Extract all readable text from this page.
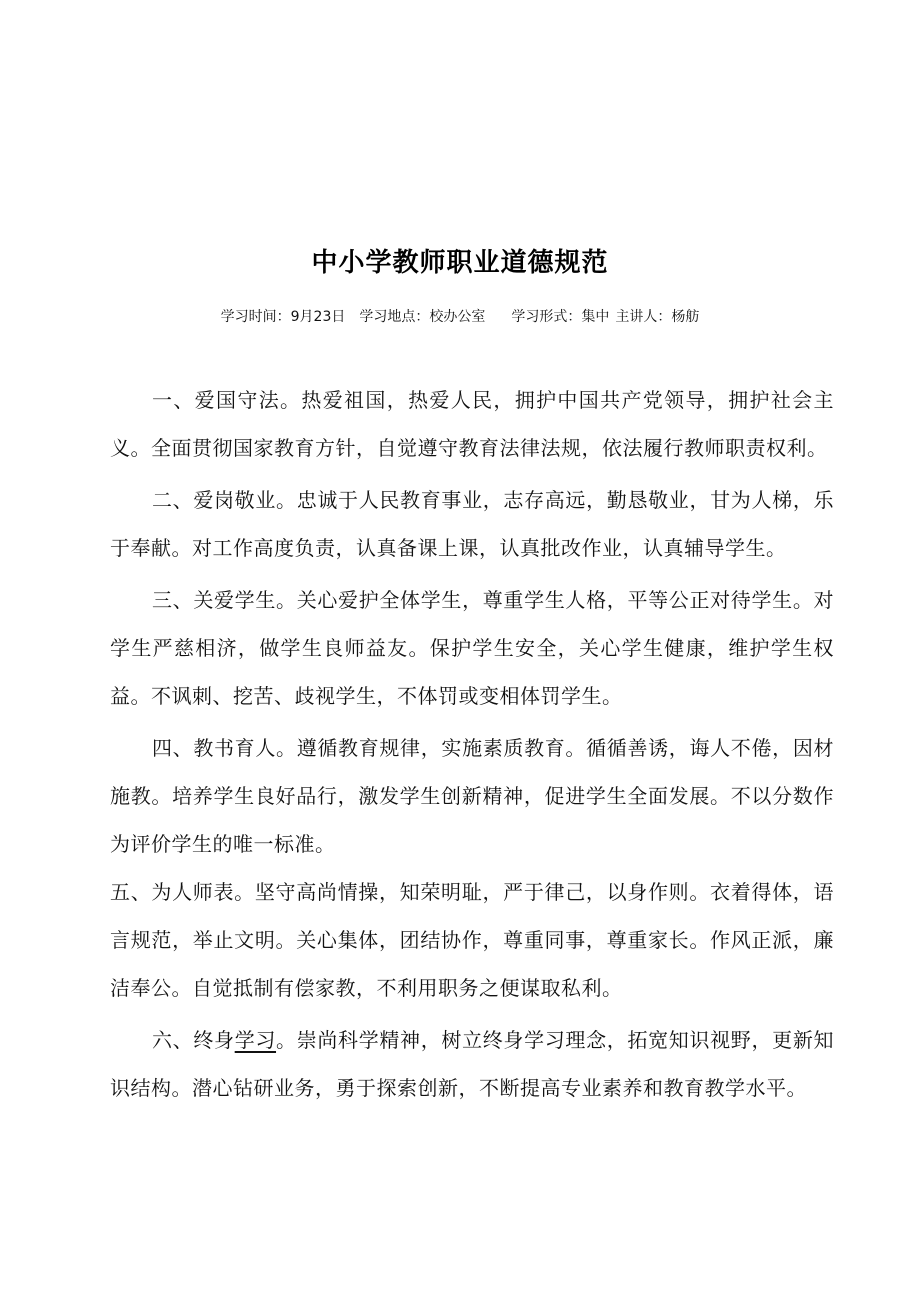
中小学教师职业道德规范
学习时间：9月23日 学习地点：校办公室 学习形式：集中 主讲人：杨舫

一、爱国守法。热爱祖国，热爱人民，拥护中国共产党领导，拥护社会主义。全面贯彻国家教育方针，自觉遵守教育法律法规，依法履行教师职责权利。

二、爱岗敬业。忠诚于人民教育事业，志存高远，勤恳敬业，甘为人梯，乐于奉献。对工作高度负责，认真备课上课，认真批改作业，认真辅导学生。

三、关爱学生。关心爱护全体学生，尊重学生人格，平等公正对待学生。对学生严慈相济，做学生良师益友。保护学生安全，关心学生健康，维护学生权益。不讽刺、挖苦、歧视学生，不体罚或变相体罚学生。

四、教书育人。遵循教育规律，实施素质教育。循循善诱，诲人不倦，因材施教。培养学生良好品行，激发学生创新精神，促进学生全面发展。不以分数作为评价学生的唯一标准。

五、为人师表。坚守高尚情操，知荣明耻，严于律己，以身作则。衣着得体，语言规范，举止文明。关心集体，团结协作，尊重同事，尊重家长。作风正派，廉洁奉公。自觉抵制有偿家教，不利用职务之便谋取私利。

六、终身学习。崇尚科学精神，树立终身学习理念，拓宽知识视野，更新知识结构。潜心钻研业务，勇于探索创新，不断提高专业素养和教育教学水平。
